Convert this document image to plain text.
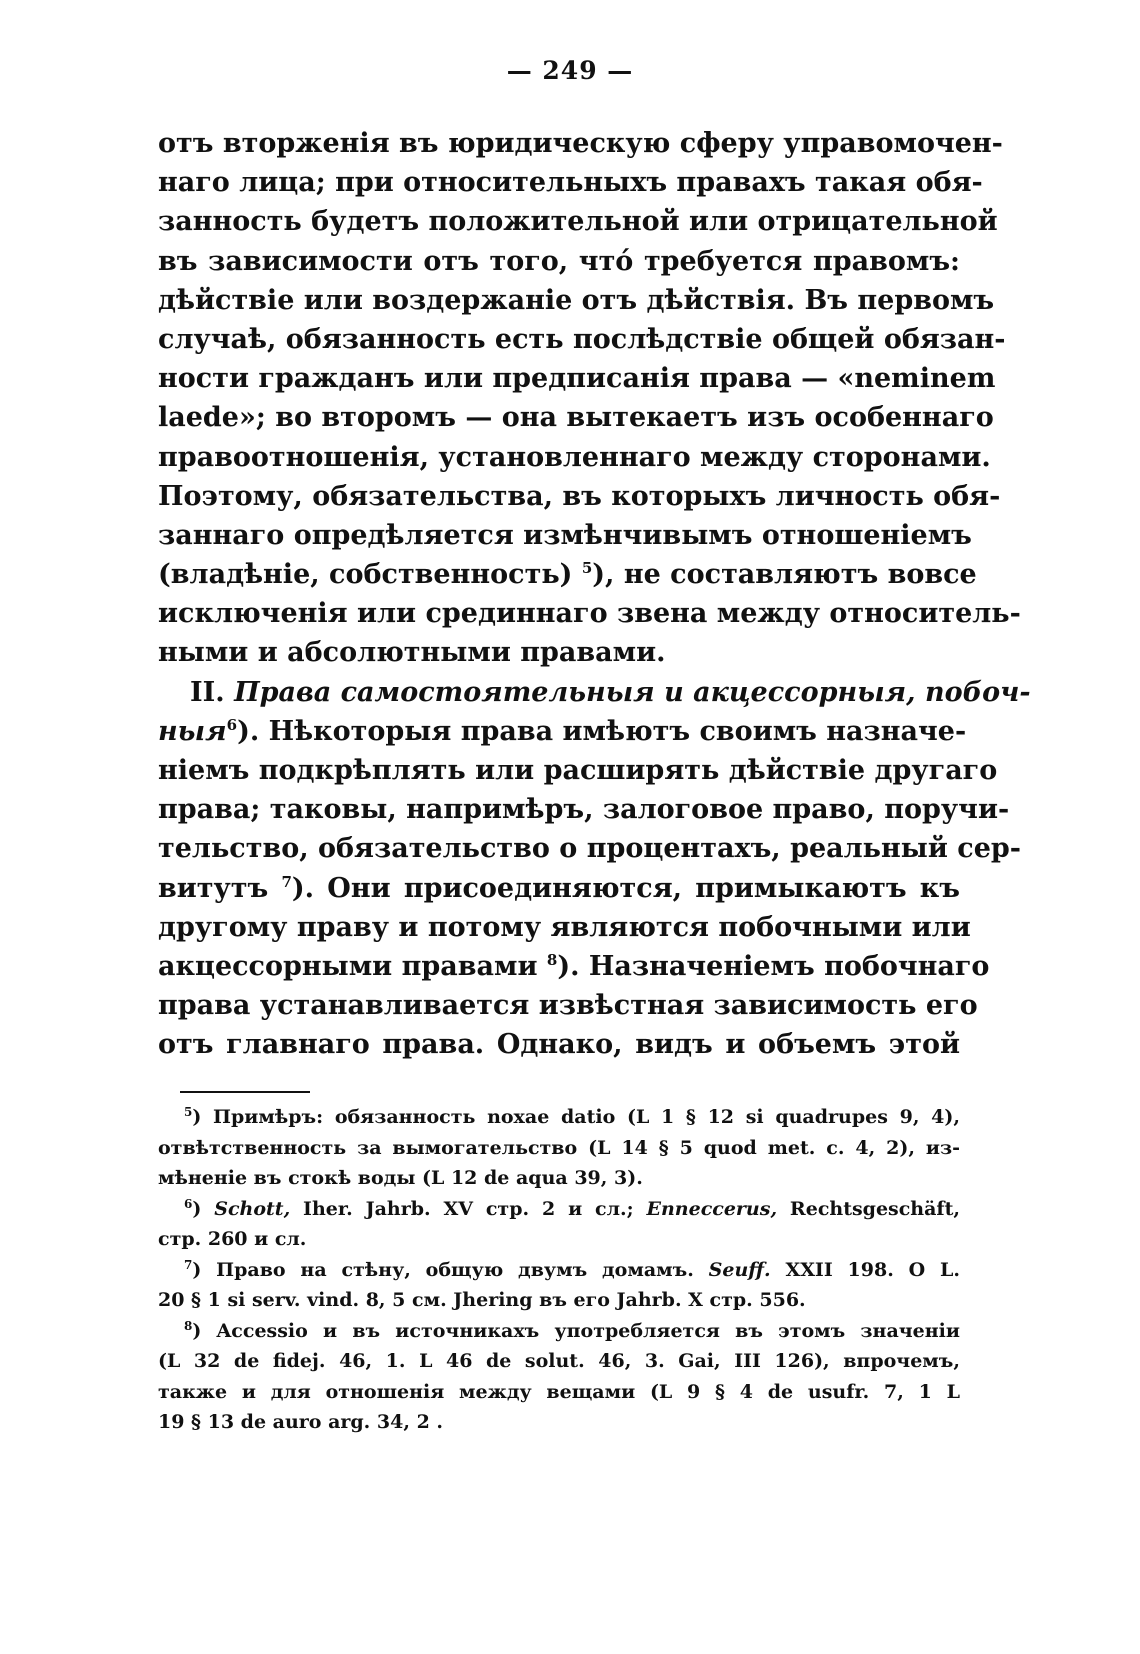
— 249 —
отъ вторженія въ юридическую сферу управомочен-
наго лица; при относительныхъ правахъ такая обя-
занность будетъ положительной или отрицательной
въ зависимости отъ того, чтó требуется правомъ:
дѣйствіе или воздержаніе отъ дѣйствія. Въ первомъ
случаѣ, обязанность есть послѣдствіе общей обязан-
ности гражданъ или предписанія права — «neminem
laede»; во второмъ — она вытекаетъ изъ особеннаго
правоотношенія, установленнаго между сторонами.
Поэтому, обязательства, въ которыхъ личность обя-
заннаго опредѣляется измѣнчивымъ отношеніемъ
(владѣніе, собственность) $^5$), не составляютъ вовсе
исключенія или срединнаго звена между относитель-
ными и абсолютными правами.
II. Права самостоятельныя и акцессорныя, побоч-
ныя$^6$). Нѣкоторыя права имѣютъ своимъ назначе-
ніемъ подкрѣплять или расширять дѣйствіе другаго
права; таковы, напримѣръ, залоговое право, поручи-
тельство, обязательство о процентахъ, реальный сер-
витутъ $^7$). Они присоединяются, примыкаютъ къ
другому праву и потому являются побочными или
акцессорными правами $^8$). Назначеніемъ побочнаго
права устанавливается извѣстная зависимость его
отъ главнаго права. Однако, видъ и объемъ этой
$^5$) Примѣръ: обязанность noxae datio (L 1 § 12 si quadrupes 9, 4),
отвѣтственность за вымогательство (L 14 § 5 quod met. c. 4, 2), из-
мѣненіе въ стокѣ воды (L 12 de aqua 39, 3).
$^6$) Schott, Iher. Jahrb. XV стр. 2 и сл.; Enneccerus, Rechtsgeschäft,
стр. 260 и сл.
$^7$) Право на стѣну, общую двумъ домамъ. Seuff. XXII 198. O L.
20 § 1 si serv. vind. 8, 5 см. Jhering въ его Jahrb. X стр. 556.
$^8$) Accessio и въ источникахъ употребляется въ этомъ значеніи
(L 32 de fidej. 46, 1. L 46 de solut. 46, 3. Gai, III 126), впрочемъ,
также и для отношенія между вещами (L 9 § 4 de usufr. 7, 1 L
19 § 13 de auro arg. 34, 2 .
